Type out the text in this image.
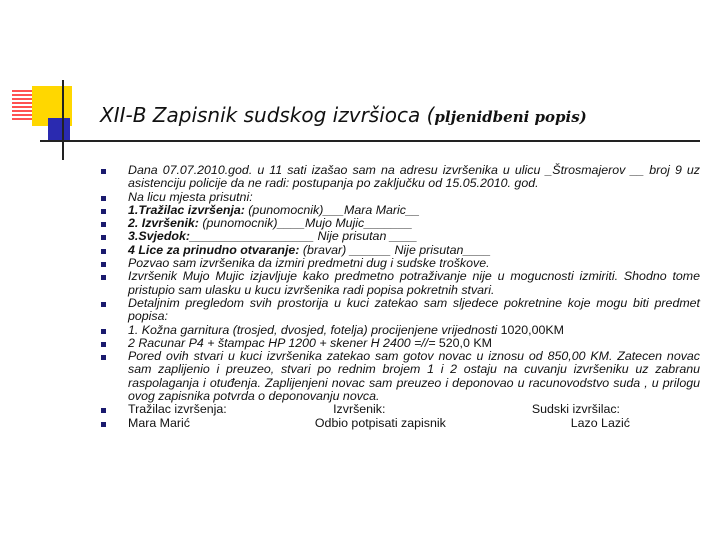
XII-B Zapisnik sudskog izvršioca (pljenidbeni popis)
Dana 07.07.2010.god. u 11 sati izašao sam na adresu izvršenika u ulicu _Štrosmajerov __ broj 9 uz asistenciju policije da ne radi: postupanja po zaključku od 15.05.2010. god.
Na licu mjesta prisutni:
1.Tražilac izvršenja: (punomocnik)___Mara Maric__
2. Izvršenik: (punomocnik)____Mujo Mujic_______
3.Svjedok:__________________ Nije prisutan ____
4 Lice za prinudno otvaranje: (bravar) ______ Nije prisutan____
Pozvao sam izvršenika da izmiri predmetni dug i sudske troškove.
Izvršenik Mujo Mujic izjavljuje kako predmetno potraživanje nije u mogucnosti izmiriti. Shodno tome pristupio sam ulasku u kucu izvršenika radi popisa pokretnih stvari.
Detaljnim pregledom svih prostorija u kuci zatekao sam sljedece pokretnine koje mogu biti predmet popisa:
1. Kožna garnitura (trosjed, dvosjed, fotelja) procijenjene vrijednosti 1020,00KM
2 Racunar P4 + štampac HP 1200 + skener H 2400 =//= 520,0 KM
Pored ovih stvari u kuci izvršenika zatekao sam gotov novac u iznosu od 850,00 KM. Zatecen novac sam zaplijenio i preuzeo, stvari po rednim brojem 1 i 2 ostaju na cuvanju izvršeniku uz zabranu raspolaganja i otuđenja. Zaplijenjeni novac sam preuzeo i deponovao u racunovodstvo suda , u prilogu ovog zapisnika potvrda o deponovanju novca.
Tražilac izvršenja:	Izvršenik:	Sudski izvršilac:
Mara Marić	Odbio potpisati zapisnik	Lazo Lazić
